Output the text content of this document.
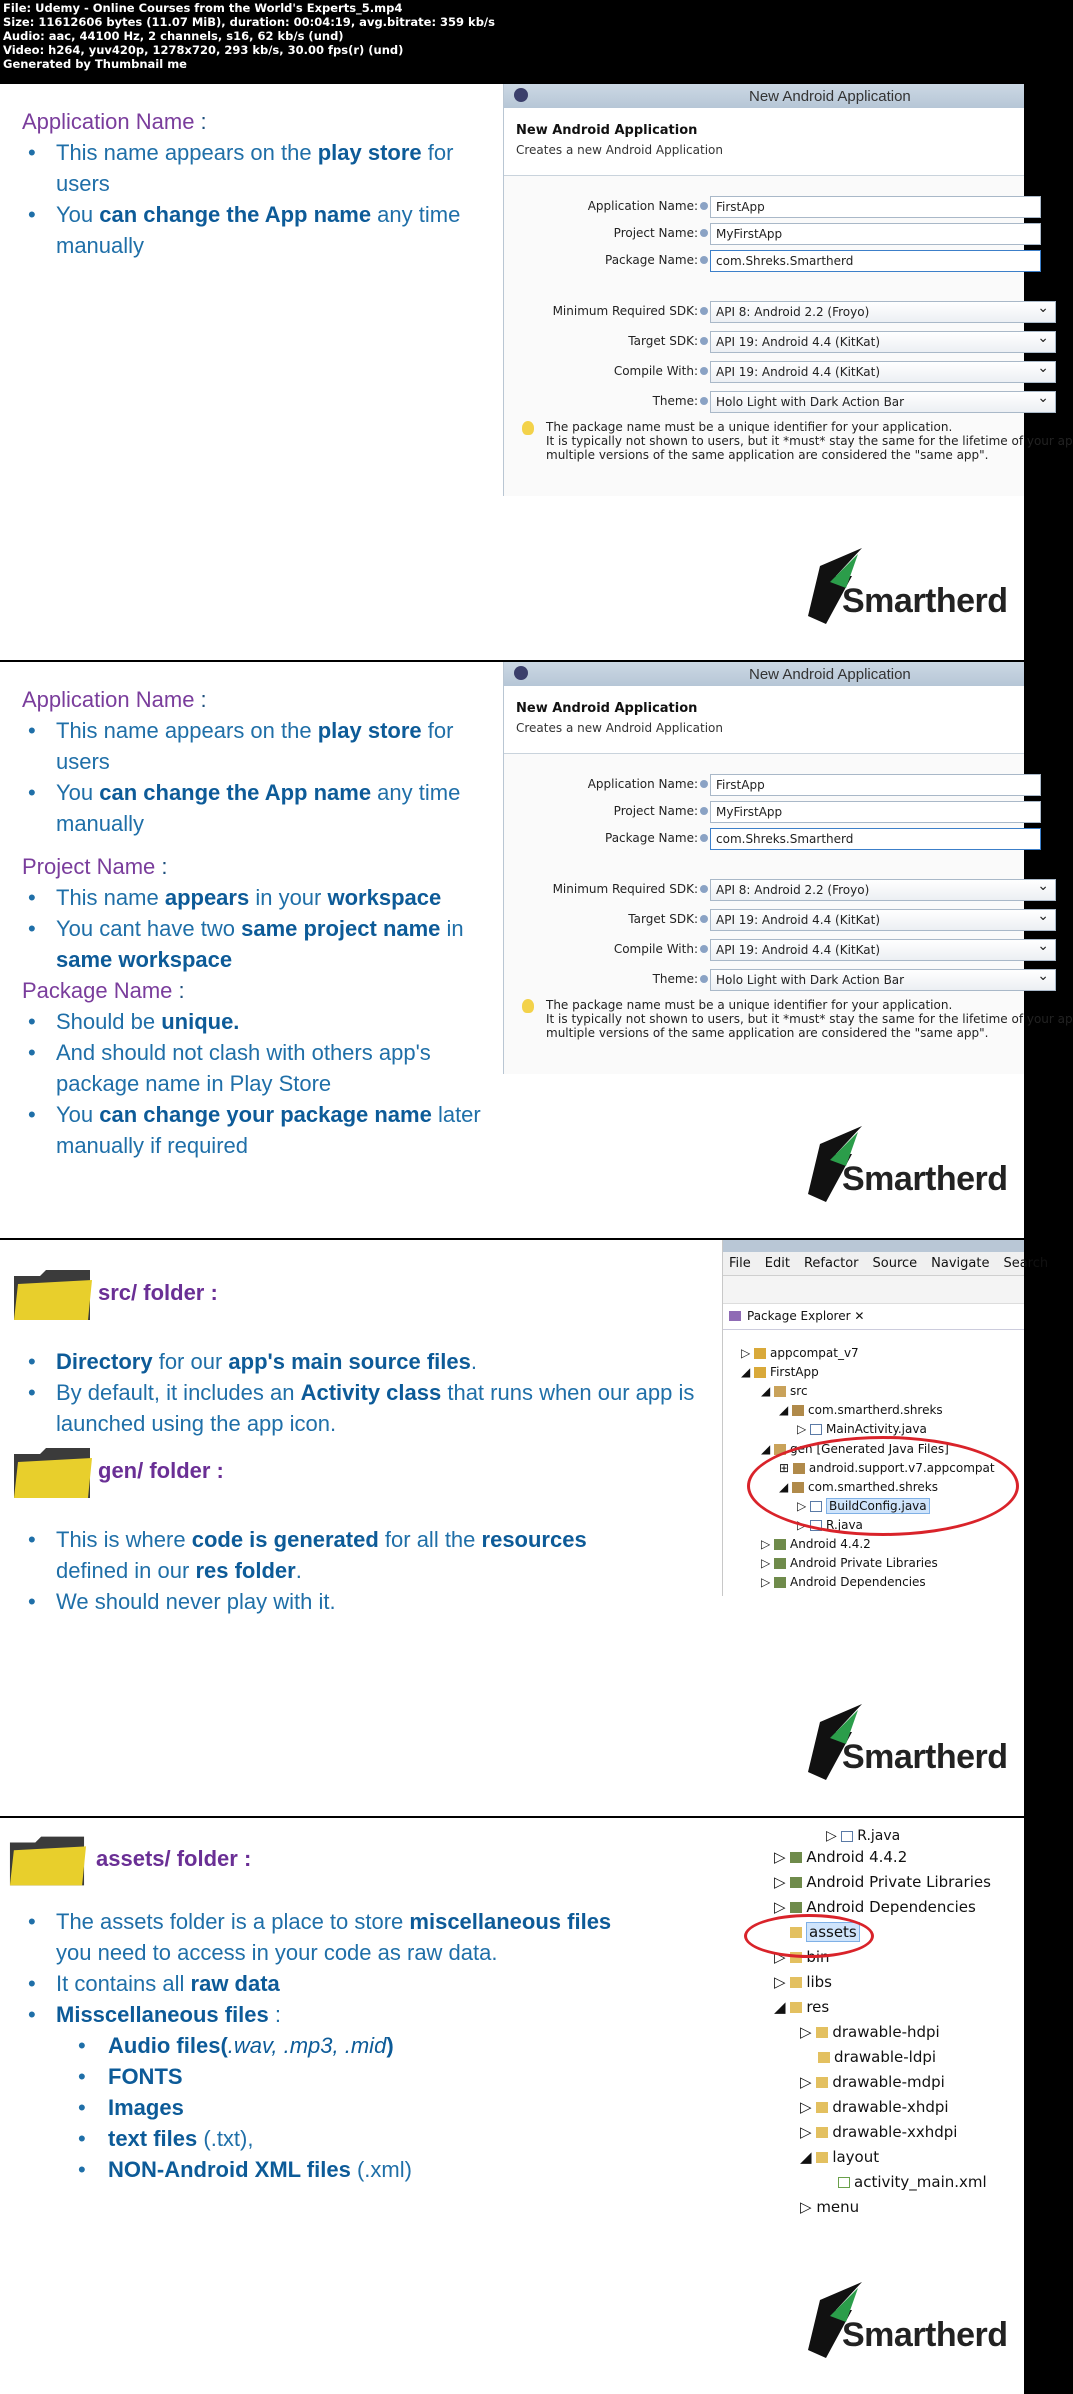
File: Udemy - Online Courses from the World's Experts_5.mp4
Size: 11612606 bytes (11.07 MiB), duration: 00:04:19, avg.bitrate: 359 kb/s
Audio: aac, 44100 Hz, 2 channels, s16, 62 kb/s (und)
Video: h264, yuv420p, 1278x720, 293 kb/s, 30.00 fps(r) (und)
Generated by Thumbnail me
Application Name :
• This name appears on the play store for users
• You can change the App name any time manually
New Android Application
New Android Application
Creates a new Android Application
Application Name:	FirstApp
Project Name:	MyFirstApp
Package Name:	com.Shreks.Smartherd
Minimum Required SDK:	API 8: Android 2.2 (Froyo) ⌄
Target SDK:	API 19: Android 4.4 (KitKat) ⌄
Compile With:	API 19: Android 4.4 (KitKat) ⌄
Theme:	Holo Light with Dark Action Bar ⌄
The package name must be a unique identifier for your application.
It is typically not shown to users, but it *must* stay the same for the lifetime of your ap
multiple versions of the same application are considered the "same app".
Smartherd
Application Name :
• This name appears on the play store for users
• You can change the App name any time manually
Project Name :
• This name appears in your workspace
• You cant have two same project name in same workspace
Package Name :
• Should be unique.
• And should not clash with others app's package name in Play Store
• You can change your package name later manually if required
New Android Application
New Android Application
Creates a new Android Application
Application Name:	FirstApp
Project Name:	MyFirstApp
Package Name:	com.Shreks.Smartherd
Minimum Required SDK:	API 8: Android 2.2 (Froyo) ⌄
Target SDK:	API 19: Android 4.4 (KitKat) ⌄
Compile With:	API 19: Android 4.4 (KitKat) ⌄
Theme:	Holo Light with Dark Action Bar ⌄
The package name must be a unique identifier for your application.
It is typically not shown to users, but it *must* stay the same for the lifetime of your ap
multiple versions of the same application are considered the "same app".
Smartherd
src/ folder :
• Directory for our app's main source files.
• By default, it includes an Activity class that runs when our app is launched using the app icon.
gen/ folder :
• This is where code is generated for all the resources
defined in our res folder.
• We should never play with it.
File Edit Refactor Source Navigate Search
Package Explorer ✕
▷ appcompat_v7
◢ FirstApp
◢ src
◢ com.smartherd.shreks
▷ MainActivity.java
◢ gen [Generated Java Files]
⊞ android.support.v7.appcompat
◢ com.smarthed.shreks
▷ BuildConfig.java
▷ R.java
▷ Android 4.4.2
▷ Android Private Libraries
▷ Android Dependencies
Smartherd
assets/ folder :
• The assets folder is a place to store miscellaneous files
you need to access in your code as raw data.
• It contains all raw data
• Misscellaneous files :
• Audio files(.wav, .mp3, .mid)
• FONTS
• Images
• text files (.txt),
• NON-Android XML files (.xml)
▷ R.java
▷ Android 4.4.2
▷ Android Private Libraries
▷ Android Dependencies
assets
▷ bin
▷ libs
◢ res
▷ drawable-hdpi
drawable-ldpi
▷ drawable-mdpi
▷ drawable-xhdpi
▷ drawable-xxhdpi
◢ layout
activity_main.xml
▷ menu
Smartherd
